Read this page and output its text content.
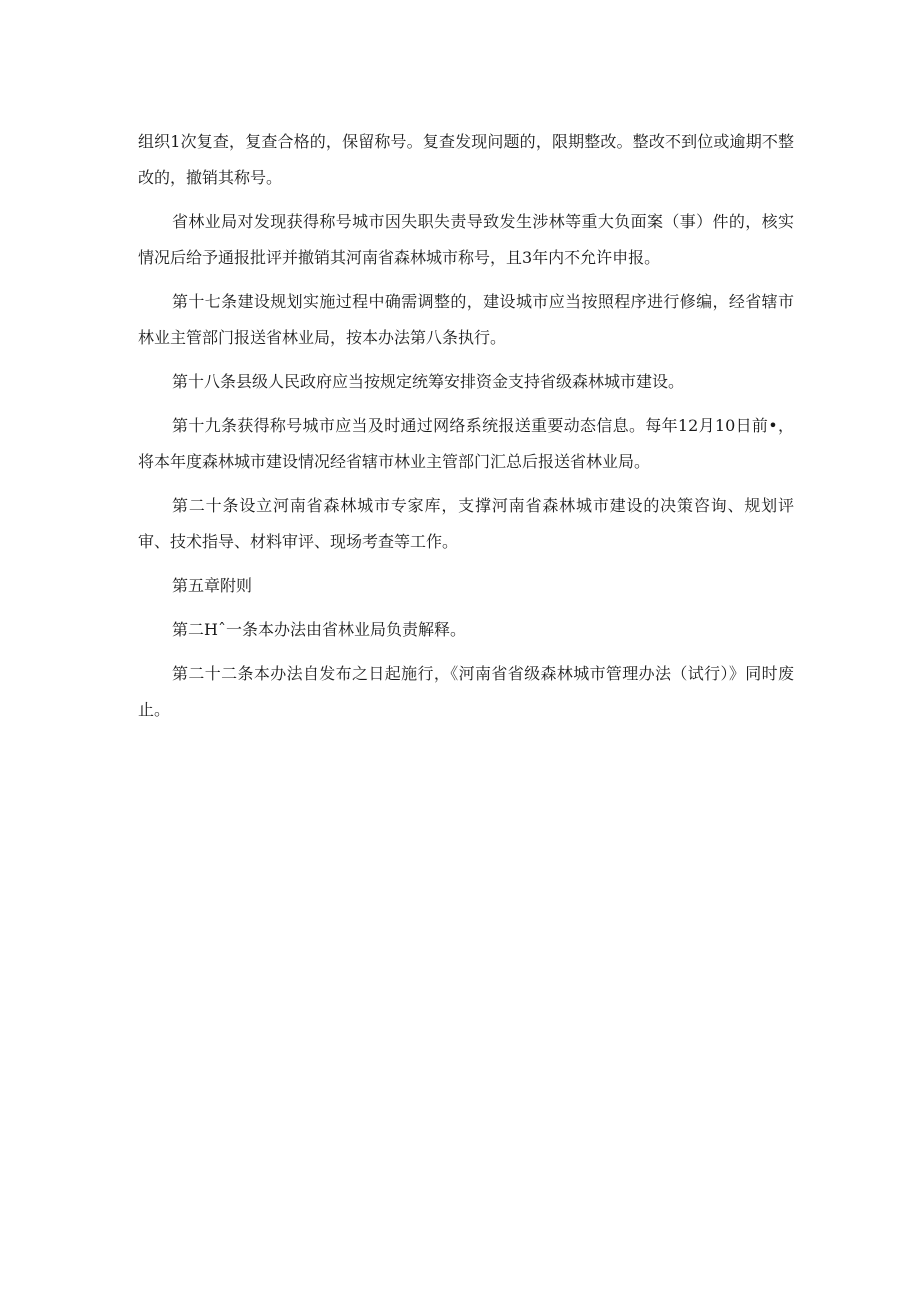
组织1次复查，复查合格的，保留称号。复查发现问题的，限期整改。整改不到位或逾期不整改的，撤销其称号。

省林业局对发现获得称号城市因失职失责导致发生涉林等重大负面案（事）件的，核实情况后给予通报批评并撤销其河南省森林城市称号，且3年内不允许申报。

第十七条建设规划实施过程中确需调整的，建设城市应当按照程序进行修编，经省辖市林业主管部门报送省林业局，按本办法第八条执行。

第十八条县级人民政府应当按规定统筹安排资金支持省级森林城市建设。

第十九条获得称号城市应当及时通过网络系统报送重要动态信息。每年12月10日前•，将本年度森林城市建设情况经省辖市林业主管部门汇总后报送省林业局。

第二十条设立河南省森林城市专家库，支撑河南省森林城市建设的决策咨询、规划评审、技术指导、材料审评、现场考查等工作。

第五章附则

第二Hˆ一条本办法由省林业局负责解释。

第二十二条本办法自发布之日起施行，《河南省省级森林城市管理办法（试行）》同时废止。
